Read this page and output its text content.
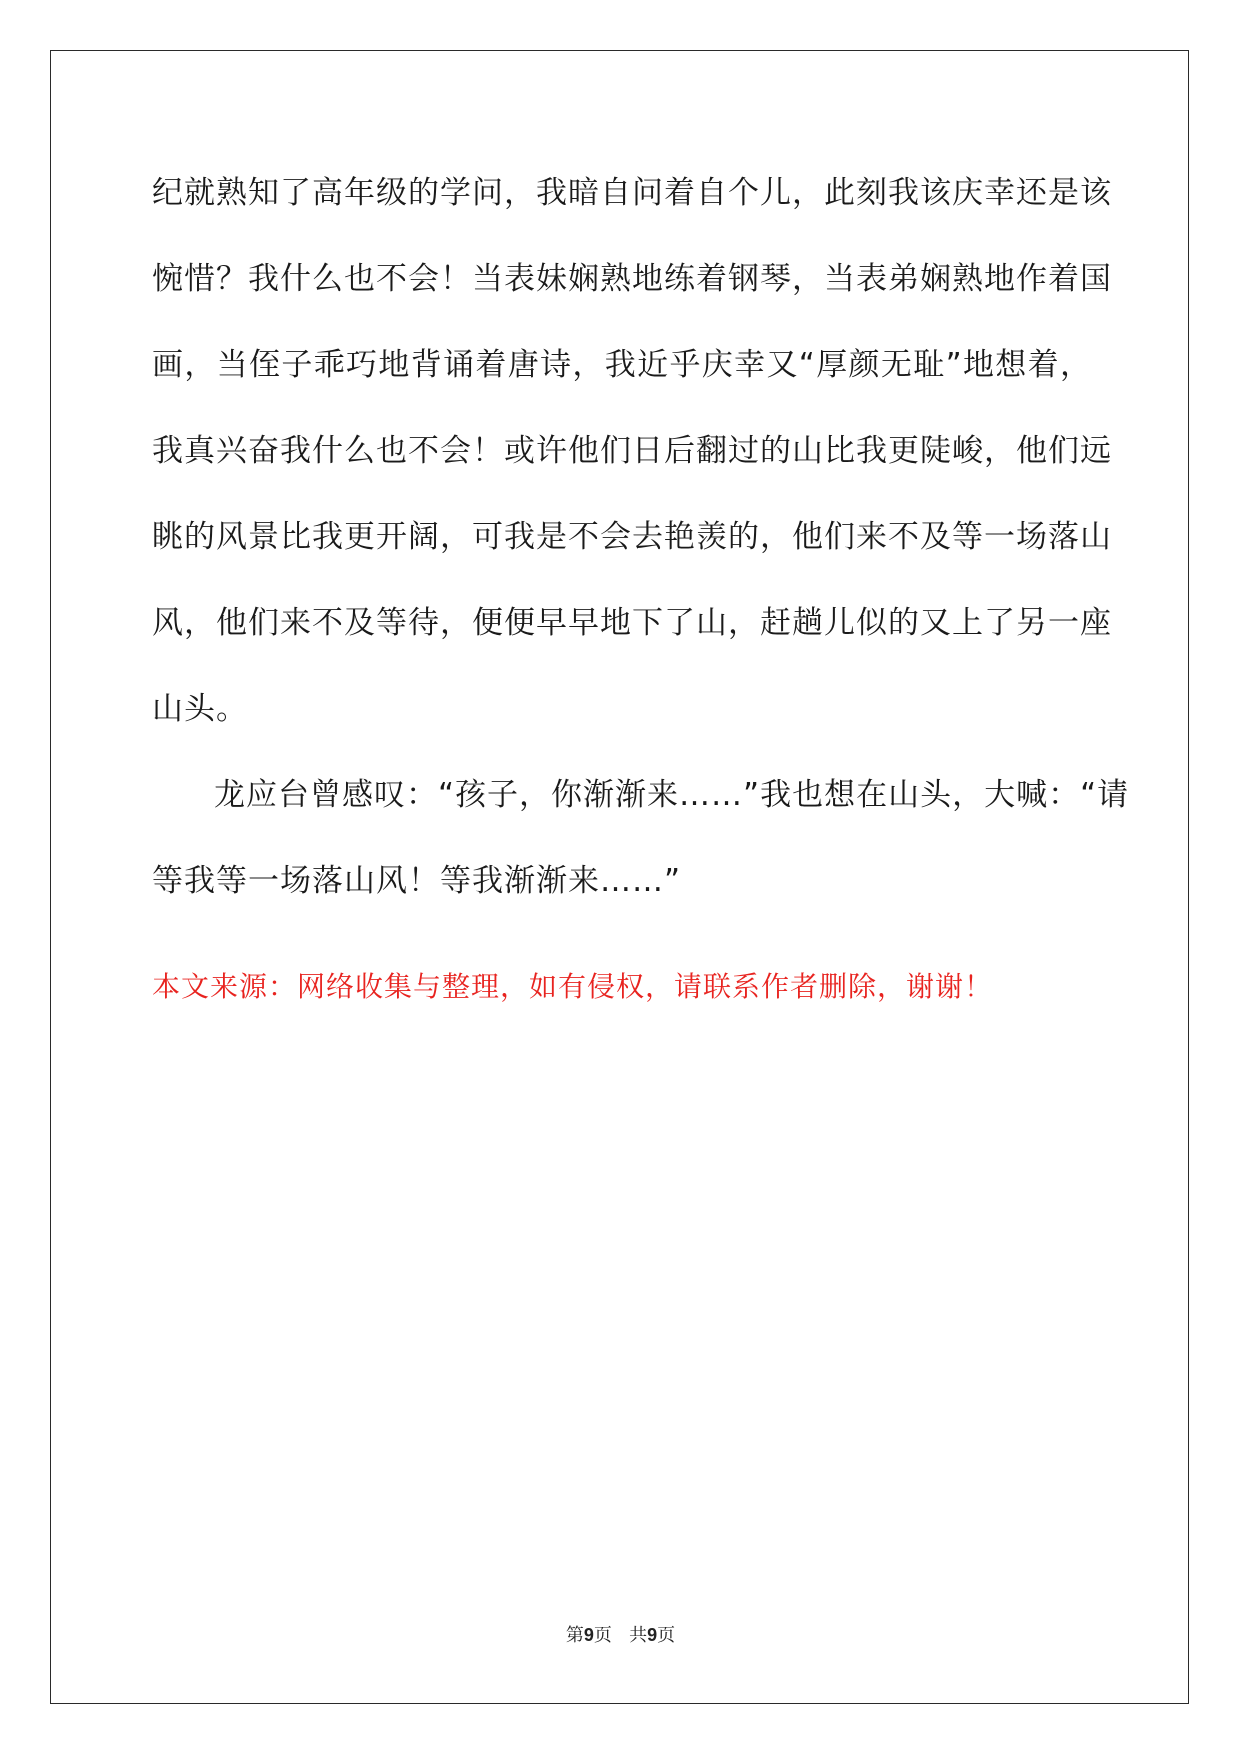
纪就熟知了高年级的学问，我暗自问着自个儿，此刻我该庆幸还是该
惋惜？我什么也不会！当表妹娴熟地练着钢琴，当表弟娴熟地作着国
画，当侄子乖巧地背诵着唐诗，我近乎庆幸又“厚颜无耻”地想着，
我真兴奋我什么也不会！或许他们日后翻过的山比我更陡峻，他们远
眺的风景比我更开阔，可我是不会去艳羡的，他们来不及等一场落山
风，他们来不及等待，便便早早地下了山，赶趟儿似的又上了另一座
山头。
龙应台曾感叹：“孩子，你渐渐来……”我也想在山头，大喊：“请
等我等一场落山风！等我渐渐来……”
本文来源：网络收集与整理，如有侵权，请联系作者删除，谢谢！
第9页 共9页
